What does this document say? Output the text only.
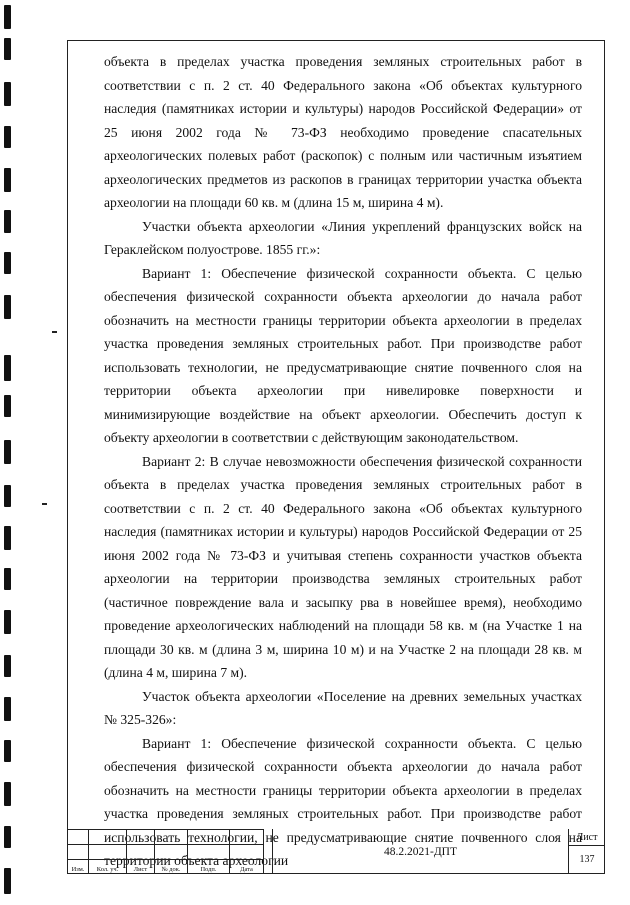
объекта в пределах участка проведения земляных строительных работ в соответствии с п. 2 ст. 40 Федерального закона «Об объектах культурного наследия (памятниках истории и культуры) народов Российской Федерации» от 25 июня 2002 года № 73-ФЗ необходимо проведение спасательных археологических полевых работ (раскопок) с полным или частичным изъятием археологических предметов из раскопов в границах территории участка объекта археологии на площади 60 кв. м (длина 15 м, ширина 4 м).

Участки объекта археологии «Линия укреплений французских войск на Гераклейском полуострове. 1855 гг.»:

Вариант 1: Обеспечение физической сохранности объекта. С целью обеспечения физической сохранности объекта археологии до начала работ обозначить на местности границы территории объекта археологии в пределах участка проведения земляных строительных работ. При производстве работ использовать технологии, не предусматривающие снятие почвенного слоя на территории объекта археологии при нивелировке поверхности и минимизирующие воздействие на объект археологии. Обеспечить доступ к объекту археологии в соответствии с действующим законодательством.

Вариант 2: В случае невозможности обеспечения физической сохранности объекта в пределах участка проведения земляных строительных работ в соответствии с п. 2 ст. 40 Федерального закона «Об объектах культурного наследия (памятниках истории и культуры) народов Российской Федерации от 25 июня 2002 года № 73-ФЗ и учитывая степень сохранности участков объекта археологии на территории производства земляных строительных работ (частичное повреждение вала и засыпку рва в новейшее время), необходимо проведение археологических наблюдений на площади 58 кв. м (на Участке 1 на площади 30 кв. м (длина 3 м, ширина 10 м) и на Участке 2 на площади 28 кв. м (длина 4 м, ширина 7 м).

Участок объекта археологии «Поселение на древних земельных участках № 325-326»:

Вариант 1: Обеспечение физической сохранности объекта. С целью обеспечения физической сохранности объекта археологии до начала работ обозначить на местности границы территории объекта археологии в пределах участка проведения земляных строительных работ. При производстве работ использовать технологии, не предусматривающие снятие почвенного слоя на территории объекта археологии

Изм.	Кол. уч.	Лист	№ док.	Подп.	Дата
48.2.2021-ДПТ
Лист
137
